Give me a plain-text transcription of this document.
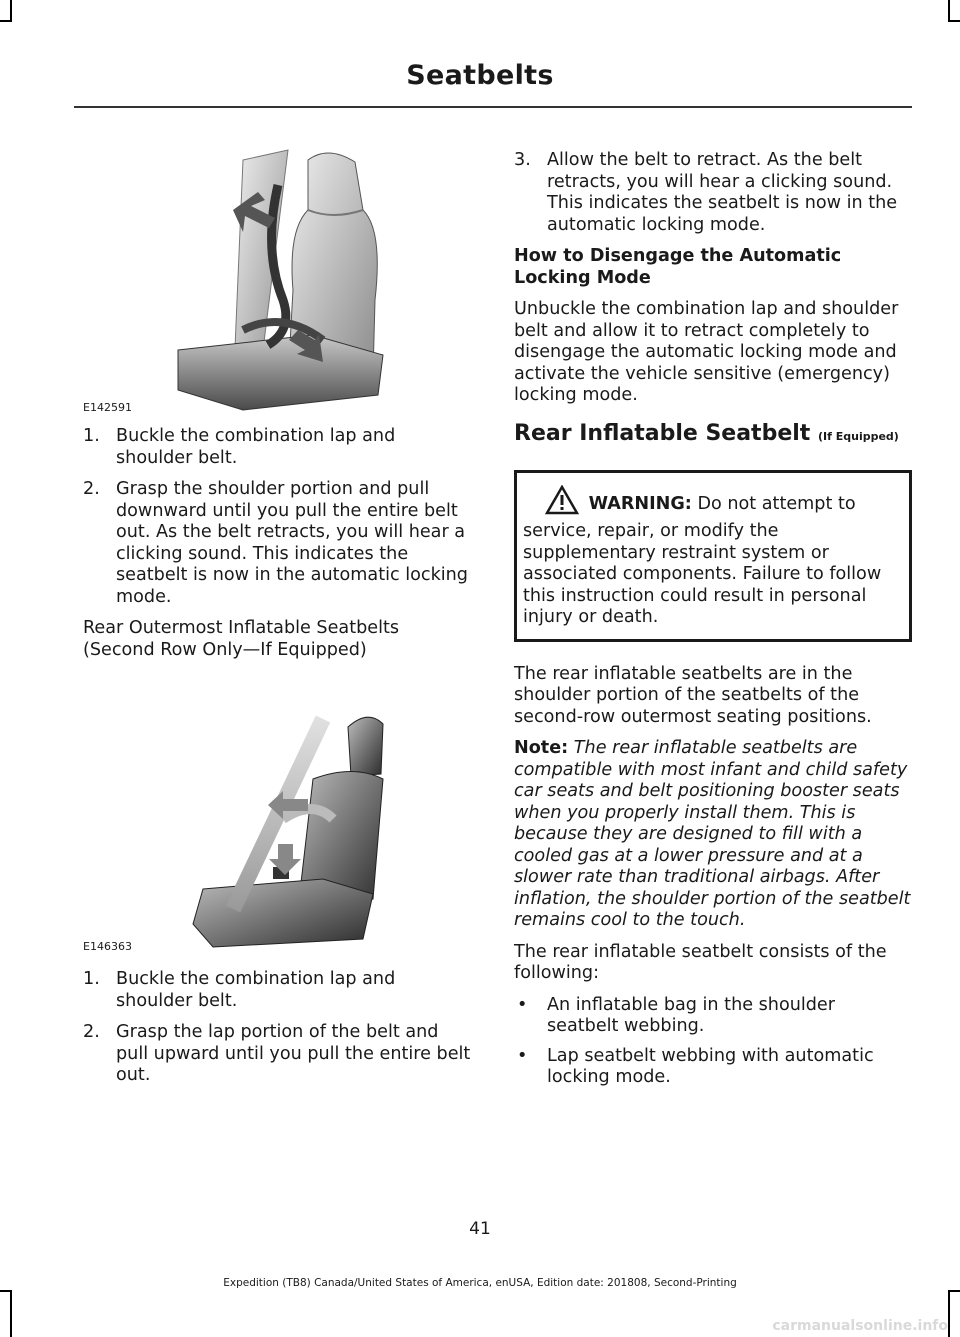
Seatbelts
E142591
1. Buckle the combination lap and shoulder belt.
2. Grasp the shoulder portion and pull downward until you pull the entire belt out. As the belt retracts, you will hear a clicking sound. This indicates the seatbelt is now in the automatic locking mode.

Rear Outermost Inflatable Seatbelts (Second Row Only—If Equipped)

E146363
1. Buckle the combination lap and shoulder belt.
2. Grasp the lap portion of the belt and pull upward until you pull the entire belt out.
3. Allow the belt to retract. As the belt retracts, you will hear a clicking sound. This indicates the seatbelt is now in the automatic locking mode.

How to Disengage the Automatic Locking Mode

Unbuckle the combination lap and shoulder belt and allow it to retract completely to disengage the automatic locking mode and activate the vehicle sensitive (emergency) locking mode.

Rear Inflatable Seatbelt (If Equipped)
WARNING: Do not attempt to service, repair, or modify the supplementary restraint system or associated components. Failure to follow this instruction could result in personal injury or death.

The rear inflatable seatbelts are in the shoulder portion of the seatbelts of the second-row outermost seating positions.

Note: The rear inflatable seatbelts are compatible with most infant and child safety car seats and belt positioning booster seats when you properly install them. This is because they are designed to fill with a cooled gas at a lower pressure and at a slower rate than traditional airbags. After inflation, the shoulder portion of the seatbelt remains cool to the touch.

The rear inflatable seatbelt consists of the following:

• An inflatable bag in the shoulder seatbelt webbing.
• Lap seatbelt webbing with automatic locking mode.
41
Expedition (TB8) Canada/United States of America, enUSA, Edition date: 201808, Second-Printing
carmanualsonline.info
